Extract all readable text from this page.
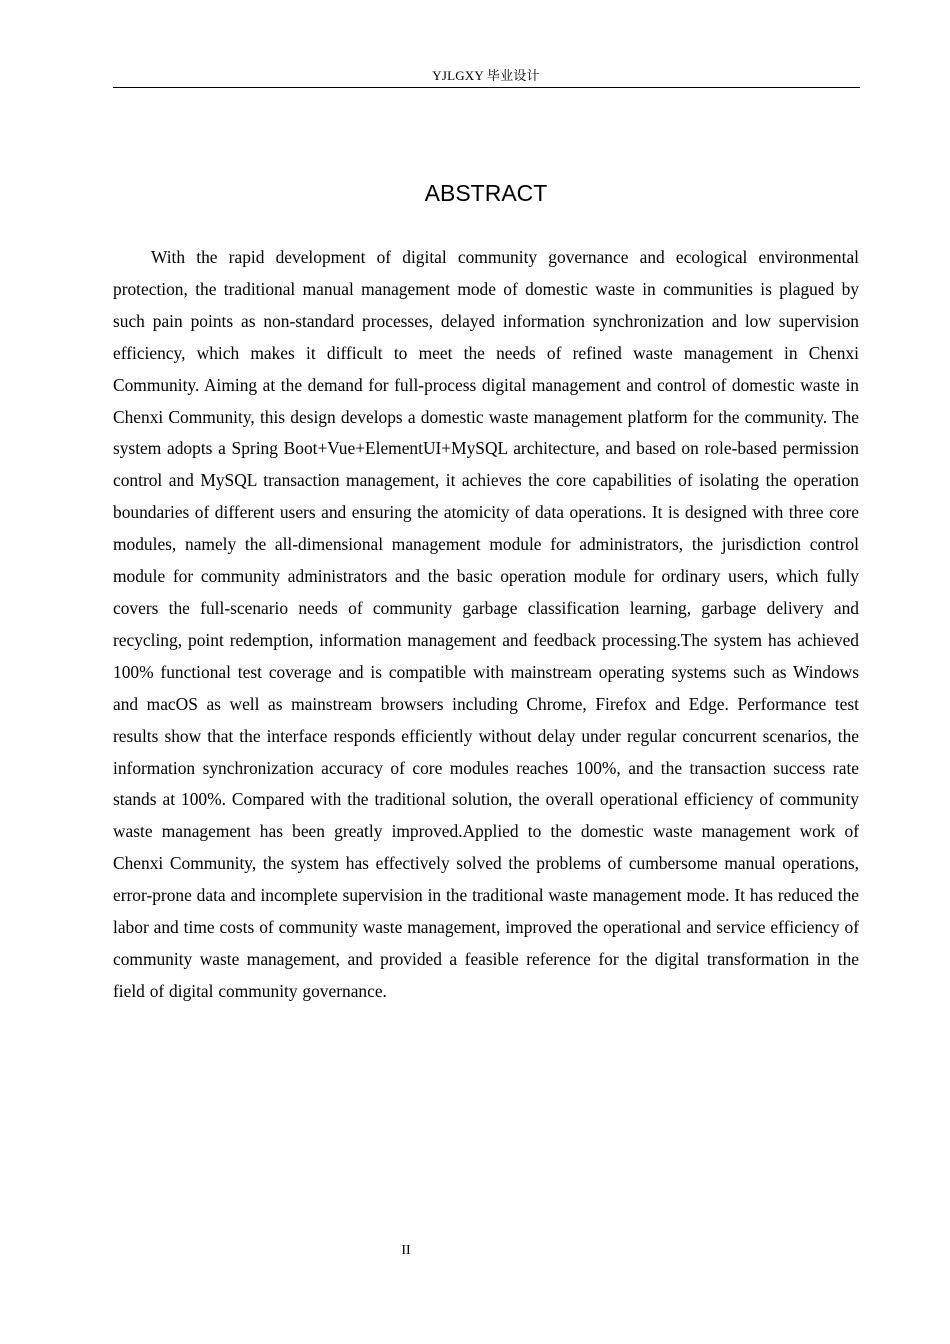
YJLGXY 毕业设计
ABSTRACT

With the rapid development of digital community governance and ecological environmental protection, the traditional manual management mode of domestic waste in communities is plagued by such pain points as non-standard processes, delayed information synchronization and low supervision efficiency, which makes it difficult to meet the needs of refined waste management in Chenxi Community. Aiming at the demand for full-process digital management and control of domestic waste in Chenxi Community, this design develops a domestic waste management platform for the community. The system adopts a Spring Boot+Vue+ElementUI+MySQL architecture, and based on role-based permission control and MySQL transaction management, it achieves the core capabilities of isolating the operation boundaries of different users and ensuring the atomicity of data operations. It is designed with three core modules, namely the all-dimensional management module for administrators, the jurisdiction control module for community administrators and the basic operation module for ordinary users, which fully covers the full-scenario needs of community garbage classification learning, garbage delivery and recycling, point redemption, information management and feedback processing.The system has achieved 100% functional test coverage and is compatible with mainstream operating systems such as Windows and macOS as well as mainstream browsers including Chrome, Firefox and Edge. Performance test results show that the interface responds efficiently without delay under regular concurrent scenarios, the information synchronization accuracy of core modules reaches 100%, and the transaction success rate stands at 100%. Compared with the traditional solution, the overall operational efficiency of community waste management has been greatly improved.Applied to the domestic waste management work of Chenxi Community, the system has effectively solved the problems of cumbersome manual operations, error-prone data and incomplete supervision in the traditional waste management mode. It has reduced the labor and time costs of community waste management, improved the operational and service efficiency of community waste management, and provided a feasible reference for the digital transformation in the field of digital community governance.

II
